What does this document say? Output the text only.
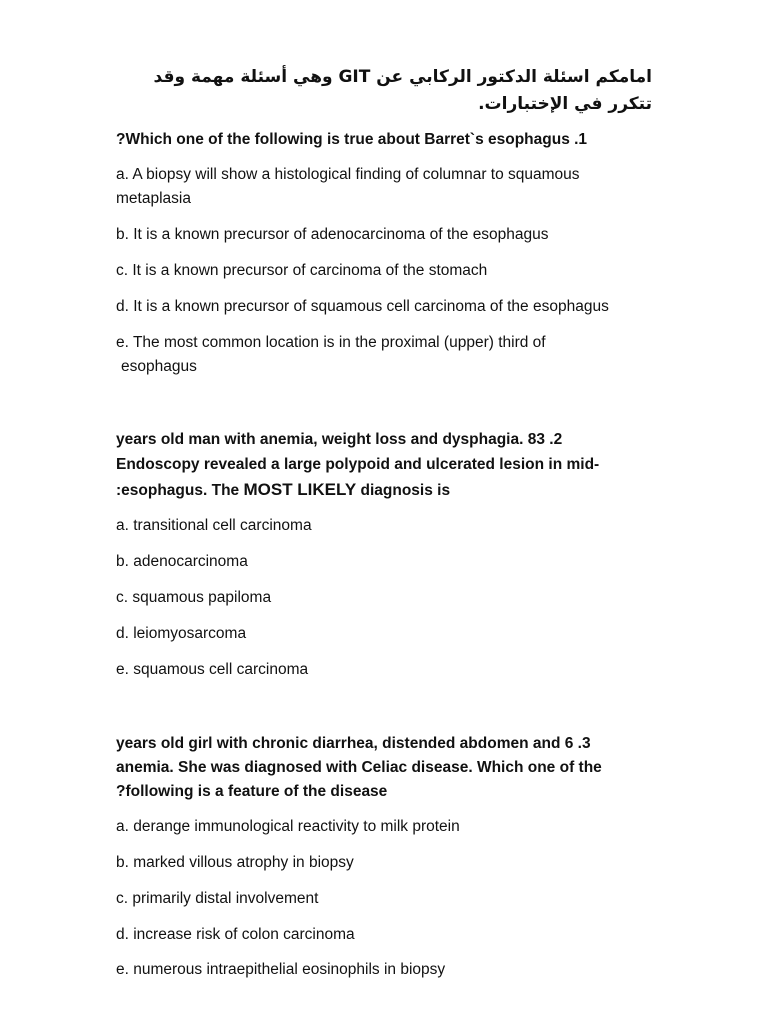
امامكم اسئلة الدكتور الركابي عن GIT وهي أسئلة مهمة وقد
تتكرر في الإختبارات.
?Which one of the following is true about Barret`s esophagus .1
a. A biopsy will show a histological finding of columnar to squamous
metaplasia
b. It is a known precursor of adenocarcinoma of the esophagus
c. It is a known precursor of carcinoma of the stomach
d. It is a known precursor of squamous cell carcinoma of the esophagus
e. The most common location is in the proximal (upper) third of
esophagus
years old man with anemia, weight loss and dysphagia. 83 .2
Endoscopy revealed a large polypoid and ulcerated lesion in mid-
:esophagus. The MOST LIKELY diagnosis is
a. transitional cell carcinoma
b. adenocarcinoma
c. squamous papiloma
d. leiomyosarcoma
e. squamous cell carcinoma
years old girl with chronic diarrhea, distended abdomen and 6 .3
anemia. She was diagnosed with Celiac disease. Which one of the
?following is a feature of the disease
a. derange immunological reactivity to milk protein
b. marked villous atrophy in biopsy
c. primarily distal involvement
d. increase risk of colon carcinoma
e. numerous intraepithelial eosinophils in biopsy
